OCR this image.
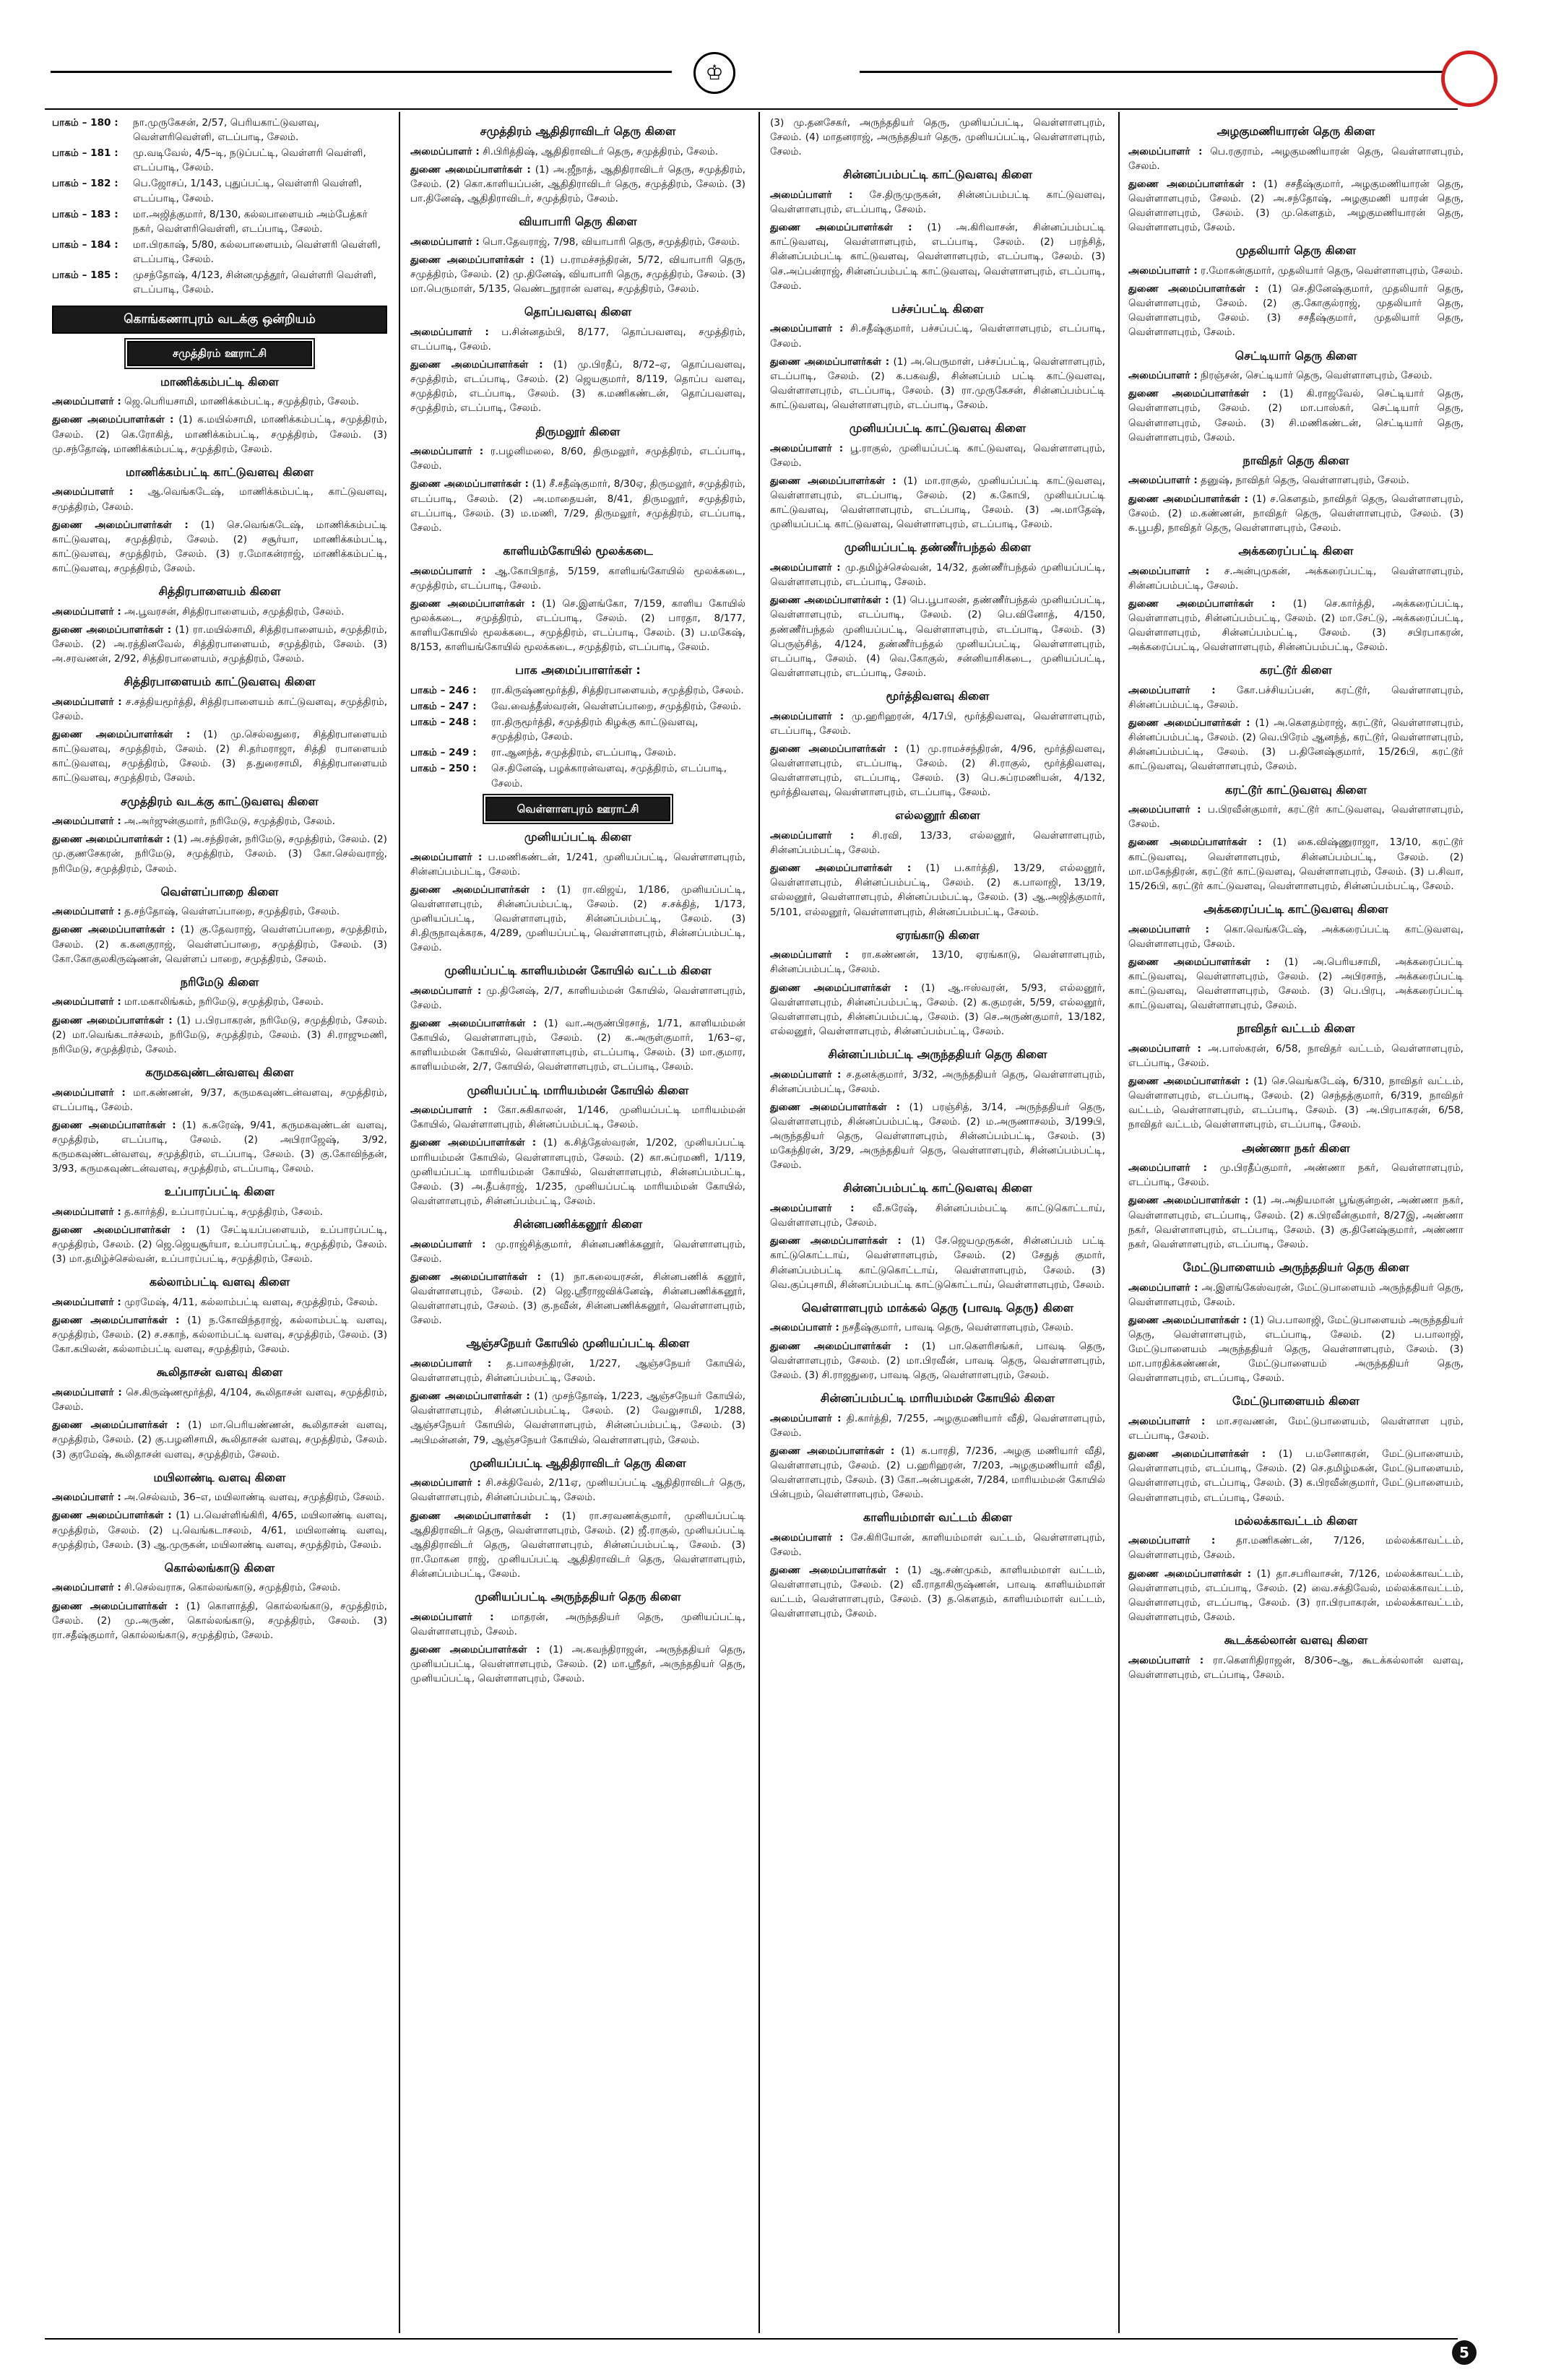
♔
பாகம் – 180 :	நா.முருகேசன், 2/57, பெரியகாட்டுவளவு, வெள்ளரிவெள்ளி, எடப்பாடி, சேலம்.
பாகம் – 181 :	மு.வடிவேல், 4/5–டி, நடுப்பட்டி, வெள்ளரி வெள்ளி, எடப்பாடி, சேலம்.
பாகம் – 182 :	பெ.ஜோசப், 1/143, புதுப்பட்டி, வெள்ளரி வெள்ளி, எடப்பாடி, சேலம்.
பாகம் – 183 :	மா.அஜித்குமார், 8/130, கல்லபாளையம் அம்பேத்கர் நகர், வெள்ளரிவெள்ளி, எடப்பாடி, சேலம்.
பாகம் – 184 :	மா.பிரகாஷ், 5/80, கல்லபாளையம், வெள்ளரி வெள்ளி, எடப்பாடி, சேலம்.
பாகம் – 185 :	முசந்தோஷ், 4/123, சின்னமுத்தூர், வெள்ளரி வெள்ளி, எடப்பாடி, சேலம்.
கொங்கணாபுரம் வடக்கு ஒன்றியம்
சமுத்திரம் ஊராட்சி
மாணிக்கம்பட்டி கிளை
அமைப்பாளர் : ஜெ.பெரியசாமி, மாணிக்கம்பட்டி, சமுத்திரம், சேலம்.
துணை அமைப்பாளர்கள் : (1) க.மயில்சாமி, மாணிக்கம்பட்டி, சமுத்திரம், சேலம். (2) கெ.ரோகித், மாணிக்கம்பட்டி, சமுத்திரம், சேலம். (3) மு.சந்தோஷ், மாணிக்கம்பட்டி, சமுத்திரம், சேலம்.
மாணிக்கம்பட்டி காட்டுவளவு கிளை
அமைப்பாளர் : ஆ.வெங்கடேஷ், மாணிக்கம்பட்டி, காட்டுவளவு, சமுத்திரம், சேலம்.
துணை அமைப்பாளர்கள் : (1) செ.வெங்கடேஷ், மாணிக்கம்பட்டி காட்டுவளவு, சமுத்திரம், சேலம். (2) சசூர்யா, மாணிக்கம்பட்டி, காட்டுவளவு, சமுத்திரம், சேலம். (3) ர.மோகன்ராஜ், மாணிக்கம்பட்டி, காட்டுவளவு, சமுத்திரம், சேலம்.
சித்திரபாளையம் கிளை
அமைப்பாளர் : அ.பூவரசன், சித்திரபாளையம், சமுத்திரம், சேலம்.
துணை அமைப்பாளர்கள் : (1) ரா.மயில்சாமி, சித்திரபாளையம், சமுத்திரம், சேலம். (2) அ.ரத்தினவேல், சித்திரபாளையம், சமுத்திரம், சேலம். (3) அ.சரவணன், 2/92, சித்திரபாளையம், சமுத்திரம், சேலம்.
சித்திரபாளையம் காட்டுவளவு கிளை
அமைப்பாளர் : ச.சத்தியமூர்த்தி, சித்திரபாளையம் காட்டுவளவு, சமுத்திரம், சேலம்.
துணை அமைப்பாளர்கள் : (1) மு.செல்லதுரை, சித்திரபாளையம் காட்டுவளவு, சமுத்திரம், சேலம். (2) சி.தர்மராஜா, சித்தி ரபாளையம் காட்டுவளவு, சமுத்திரம், சேலம். (3) த.துரைசாமி, சித்திரபாளையம் காட்டுவளவு, சமுத்திரம், சேலம்.
சமுத்திரம் வடக்கு காட்டுவளவு கிளை
அமைப்பாளர் : அ.அர்ஜுன்குமார், நரிமேடு, சமுத்திரம், சேலம்.
துணை அமைப்பாளர்கள் : (1) அ.சந்திரன், நரிமேடு, சமுத்திரம், சேலம். (2) மு.குணசேகரன், நரிமேடு, சமுத்திரம், சேலம். (3) கோ.செல்வராஜ், நரிமேடு, சமுத்திரம், சேலம்.
வெள்ளப்பாறை கிளை
அமைப்பாளர் : த.சந்தோஷ், வெள்ளப்பாறை, சமுத்திரம், சேலம்.
துணை அமைப்பாளர்கள் : (1) கு.தேவராஜ், வெள்ளப்பாறை, சமுத்திரம், சேலம். (2) க.கனகுராஜ், வெள்ளப்பாறை, சமுத்திரம், சேலம். (3) கோ.கோகுலகிருஷ்ணன், வெள்ளப் பாறை, சமுத்திரம், சேலம்.
நரிமேடு கிளை
அமைப்பாளர் : மா.மகாலிங்கம், நரிமேடு, சமுத்திரம், சேலம்.
துணை அமைப்பாளர்கள் : (1) ப.பிரபாகரன், நரிமேடு, சமுத்திரம், சேலம். (2) மா.வெங்கடாச்சலம், நரிமேடு, சமுத்திரம், சேலம். (3) சி.ராஜுமணி, நரிமேடு, சமுத்திரம், சேலம்.
கருமகவுண்டன்வளவு கிளை
அமைப்பாளர் : மா.கண்ணன், 9/37, கருமகவுண்டன்வளவு, சமுத்திரம், எடப்பாடி, சேலம்.
துணை அமைப்பாளர்கள் : (1) க.சுரேஷ், 9/41, கருமகவுண்டன் வளவு, சமுத்திரம், எடப்பாடி, சேலம். (2) அபிராஜேஷ், 3/92, கருமகவுண்டன்வளவு, சமுத்திரம், எடப்பாடி, சேலம். (3) கு.கோவிந்தன், 3/93, கருமகவுண்டன்வளவு, சமுத்திரம், எடப்பாடி, சேலம்.
உப்பாரப்பட்டி கிளை
அமைப்பாளர் : த.கார்த்தி, உப்பாரப்பட்டி, சமுத்திரம், சேலம்.
துணை அமைப்பாளர்கள் : (1) சேட்டியப்பளையம், உப்பாரப்பட்டி, சமுத்திரம், சேலம். (2) ஜெ.ஜெயசூர்யா, உப்பாரப்பட்டி, சமுத்திரம், சேலம். (3) மா.தமிழ்ச்செல்வன், உப்பாரப்பட்டி, சமுத்திரம், சேலம்.
கல்லாம்பட்டி வளவு கிளை
அமைப்பாளர் : முரமேஷ், 4/11, கல்லாம்பட்டி வளவு, சமுத்திரம், சேலம்.
துணை அமைப்பாளர்கள் : (1) ந.கோவிந்தராஜ், கல்லாம்பட்டி வளவு, சமுத்திரம், சேலம். (2) ச.சகாந், கல்லாம்பட்டி வளவு, சமுத்திரம், சேலம். (3) கோ.கபிலன், கல்லாம்பட்டி வளவு, சமுத்திரம், சேலம்.
கூலிதாசன் வளவு கிளை
அமைப்பாளர் : செ.கிருஷ்ணமூர்த்தி, 4/104, கூலிதாசன் வளவு, சமுத்திரம், சேலம்.
துணை அமைப்பாளர்கள் : (1) மா.பெரியண்ணன், கூலிதாசன் வளவு, சமுத்திரம், சேலம். (2) கு.பழனிசாமி, கூலிதாசன் வளவு, சமுத்திரம், சேலம். (3) குரமேஷ், கூலிதாசன் வளவு, சமுத்திரம், சேலம்.
மயிலாண்டி வளவு கிளை
அமைப்பாளர் : அ.செல்வம், 36–எ, மயிலாண்டி வளவு, சமுத்திரம், சேலம்.
துணை அமைப்பாளர்கள் : (1) ப.வெள்ளிங்கிரி, 4/65, மயிலாண்டி வளவு, சமுத்திரம், சேலம். (2) பு.வெங்கடாசலம், 4/61, மயிலாண்டி வளவு, சமுத்திரம், சேலம். (3) ஆ.முருகன், மயிலாண்டி வளவு, சமுத்திரம், சேலம்.
கொல்லங்காடு கிளை
அமைப்பாளர் : சி.செல்வராசு, கொல்லங்காடு, சமுத்திரம், சேலம்.
துணை அமைப்பாளர்கள் : (1) கொளாத்தி, கொல்லங்காடு, சமுத்திரம், சேலம். (2) மு.அருண், கொல்லங்காடு, சமுத்திரம், சேலம். (3) ரா.சதீஷ்குமார், கொல்லங்காடு, சமுத்திரம், சேலம்.
சமுத்திரம் ஆதிதிராவிடர் தெரு கிளை
அமைப்பாளர் : சி.பிரித்திஷ், ஆதிதிராவிடர் தெரு, சமுத்திரம், சேலம்.
துணை அமைப்பாளர்கள் : (1) அ.ஜீநாத், ஆதிதிராவிடர் தெரு, சமுத்திரம், சேலம். (2) கொ.காளியப்பன், ஆதிதிராவிடர் தெரு, சமுத்திரம், சேலம். (3) பா.தினேஷ், ஆதிதிராவிடர், சமுத்திரம், சேலம்.
வியாபாரி தெரு கிளை
அமைப்பாளர் : பொ.தேவராஜ், 7/98, வியாபாரி தெரு, சமுத்திரம், சேலம்.
துணை அமைப்பாளர்கள் : (1) ப.ராமச்சந்திரன், 5/72, வியாபாரி தெரு, சமுத்திரம், சேலம். (2) மு.தினேஷ், வியாபாரி தெரு, சமுத்திரம், சேலம். (3) மா.பெருமாள், 5/135, வெண்டநூரான் வளவு, சமுத்திரம், சேலம்.
தொப்பவளவு கிளை
அமைப்பாளர் : ப.சின்னதம்பி, 8/177, தொப்பவளவு, சமுத்திரம், எடப்பாடி, சேலம்.
துணை அமைப்பாளர்கள் : (1) மு.பிரதீப், 8/72–ஏ, தொப்பவளவு, சமுத்திரம், எடப்பாடி, சேலம். (2) ஜெயகுமார், 8/119, தொப்ப வளவு, சமுத்திரம், எடப்பாடி, சேலம். (3) க.மணிகண்டன், தொப்பவளவு, சமுத்திரம், எடப்பாடி, சேலம்.
திருமலூர் கிளை
அமைப்பாளர் : ர.பழனிமலை, 8/60, திருமலூர், சமுத்திரம், எடப்பாடி, சேலம்.
துணை அமைப்பாளர்கள் : (1) சீ.சதீஷ்குமார், 8/30ஏ, திருமலூர், சமுத்திரம், எடப்பாடி, சேலம். (2) அ.மாதையன், 8/41, திருமலூர், சமுத்திரம், எடப்பாடி, சேலம். (3) ம.மணி, 7/29, திருமலூர், சமுத்திரம், எடப்பாடி, சேலம்.
காளியம்கோயில் மூலக்கடை
அமைப்பாளர் : ஆ.கோபிநாத், 5/159, காளியங்கோயில் மூலக்கடை, சமுத்திரம், எடப்பாடி, சேலம்.
துணை அமைப்பாளர்கள் : (1) செ.இளங்கோ, 7/159, காளிய கோயில் மூலக்கடை, சமுத்திரம், எடப்பாடி, சேலம். (2) பாரதா, 8/177, காளியகோயில் மூலக்கடை, சமுத்திரம், எடப்பாடி, சேலம். (3) ப.மகேஷ், 8/153, காளியங்கோயில் மூலக்கடை, சமுத்திரம், எடப்பாடி, சேலம்.
பாக அமைப்பாளர்கள் :
பாகம் – 246 :	ரா.கிருஷ்ணமூர்த்தி, சித்திரபாளையம், சமுத்திரம், சேலம்.
பாகம் – 247 :	வே.வைத்தீஸ்வரன், வெள்ளப்பாறை, சமுத்திரம், சேலம்.
பாகம் – 248 :	ரா.திருமூர்த்தி, சமுத்திரம் கிழக்கு காட்டுவளவு, சமுத்திரம், சேலம்.
பாகம் – 249 :	ரா.ஆனந்த், சமுத்திரம், எடப்பாடி, சேலம்.
பாகம் – 250 :	செ.தினேஷ், பழக்காரன்வளவு, சமுத்திரம், எடப்பாடி, சேலம்.
வெள்ளாளபுரம் ஊராட்சி
முனியப்பட்டி கிளை
அமைப்பாளர் : ப.மணிகண்டன், 1/241, முனியப்பட்டி, வெள்ளாளபுரம், சின்னப்பம்பட்டி, சேலம்.
துணை அமைப்பாளர்கள் : (1) ரா.விஜய், 1/186, முனியப்பட்டி, வெள்ளாளபுரம், சின்னப்பம்பட்டி, சேலம். (2) ச.சக்தித், 1/173, முனியப்பட்டி, வெள்ளாளபுரம், சின்னப்பம்பட்டி, சேலம். (3) சி.திருநாவுக்கரசு, 4/289, முனியப்பட்டி, வெள்ளாளபுரம், சின்னப்பம்பட்டி, சேலம்.
முனியப்பட்டி காளியம்மன் கோயில் வட்டம் கிளை
அமைப்பாளர் : மு.தினேஷ், 2/7, காளியம்மன் கோயில், வெள்ளாளபுரம், சேலம்.
துணை அமைப்பாளர்கள் : (1) வா.அருண்பிரசாத், 1/71, காளியம்மன் கோயில், வெள்ளாளபுரம், சேலம். (2) க.அருள்குமார், 1/63–ஏ, காளியம்மன் கோயில், வெள்ளாளபுரம், எடப்பாடி, சேலம். (3) மா.குமார, காளியம்மன், 2/7, கோயில், வெள்ளாளபுரம், எடப்பாடி, சேலம்.
முனியப்பட்டி மாரியம்மன் கோயில் கிளை
அமைப்பாளர் : கோ.சுகிகாலன், 1/146, முனியப்பட்டி மாரியம்மன் கோயில், வெள்ளாளபுரம், சின்னப்பம்பட்டி, சேலம்.
துணை அமைப்பாளர்கள் : (1) க.சித்தேஸ்வரன், 1/202, முனியப்பட்டி மாரியம்மன் கோயில், வெள்ளாளபுரம், சேலம். (2) கா.சுப்ரமணி, 1/119, முனியப்பட்டி மாரியம்மன் கோயில், வெள்ளாளபுரம், சின்னப்பம்பட்டி, சேலம். (3) அ.தீபக்ராஜ், 1/235, முனியப்பட்டி மாரியம்மன் கோயில், வெள்ளாளபுரம், சின்னப்பம்பட்டி, சேலம்.
சின்னபணிக்கனூர் கிளை
அமைப்பாளர் : மு.ராஜ்சித்குமார், சின்னபணிக்கனூர், வெள்ளாளபுரம், சேலம்.
துணை அமைப்பாளர்கள் : (1) நா.கலையரசன், சின்னபணிக் கனூர், வெள்ளாளபுரம், சேலம். (2) ஜெ.ஸ்ரீராஜவிக்னேஷ், சின்னபணிக்கனூர், வெள்ளாளபுரம், சேலம். (3) கு.நவீன், சின்னபணிக்கனூர், வெள்ளாளபுரம், சேலம்.
ஆஞ்சநேயர் கோயில் முனியப்பட்டி கிளை
அமைப்பாளர் : த.பாலசந்திரன், 1/227, ஆஞ்சநேயர் கோயில், வெள்ளாளபுரம், சின்னப்பம்பட்டி, சேலம்.
துணை அமைப்பாளர்கள் : (1) முசந்தோஷ், 1/223, ஆஞ்சநேயர் கோயில், வெள்ளாளபுரம், சின்னப்பம்பட்டி, சேலம். (2) வேலுசாமி, 1/288, ஆஞ்சநேயர் கோயில், வெள்ளாளபுரம், சின்னப்பம்பட்டி, சேலம். (3) அபிமன்னன், 79, ஆஞ்சநேயர் கோயில், வெள்ளாளபுரம், சேலம்.
முனியப்பட்டி ஆதிதிராவிடர் தெரு கிளை
அமைப்பாளர் : சி.சக்திவேல், 2/11ஏ, முனியப்பட்டி ஆதிதிராவிடர் தெரு, வெள்ளாளபுரம், சின்னப்பம்பட்டி, சேலம்.
துணை அமைப்பாளர்கள் : (1) ரா.சரவணக்குமார், முனியப்பட்டி ஆதிதிராவிடர் தெரு, வெள்ளாளபுரம், சேலம். (2) ஜீ.ராகுல், முனியப்பட்டி ஆதிதிராவிடர் தெரு, வெள்ளாளபுரம், சின்னப்பம்பட்டி, சேலம். (3) ரா.மோகன ராஜ், முனியப்பட்டி ஆதிதிராவிடர் தெரு, வெள்ளாளபுரம், சின்னப்பம்பட்டி, சேலம்.
முனியப்பட்டி அருந்ததியர் தெரு கிளை
அமைப்பாளர் : மாதரன், அருந்ததியர் தெரு, முனியப்பட்டி, வெள்ளாளபுரம், சேலம்.
துணை அமைப்பாளர்கள் : (1) அ.கவந்திராஜன், அருந்ததியர் தெரு, முனியப்பட்டி, வெள்ளாளபுரம், சேலம். (2) மா.ஸ்ரீதர், அருந்ததியர் தெரு, முனியப்பட்டி, வெள்ளாளபுரம், சேலம்.
(3) மு.தனசேகர், அருந்ததியர் தெரு, முனியப்பட்டி, வெள்ளாளபுரம், சேலம். (4) மாதனராஜ், அருந்ததியர் தெரு, முனியப்பட்டி, வெள்ளாளபுரம், சேலம்.
சின்னப்பம்பட்டி காட்டுவளவு கிளை
அமைப்பாளர் : சே.திருமுருகன், சின்னப்பம்பட்டி காட்டுவளவு, வெள்ளாளபுரம், எடப்பாடி, சேலம்.
துணை அமைப்பாளர்கள் : (1) அ.கிரிவாசன், சின்னப்பம்பட்டி காட்டுவளவு, வெள்ளாளபுரம், எடப்பாடி, சேலம். (2) பரந்சித், சின்னப்பம்பட்டி காட்டுவளவு, வெள்ளாளபுரம், எடப்பாடி, சேலம். (3) செ.அப்பன்ராஜ், சின்னப்பம்பட்டி காட்டுவளவு, வெள்ளாளபுரம், எடப்பாடி, சேலம்.
பச்சப்பட்டி கிளை
அமைப்பாளர் : சி.சதீஷ்குமார், பச்சப்பட்டி, வெள்ளாளபுரம், எடப்பாடி, சேலம்.
துணை அமைப்பாளர்கள் : (1) அ.பெருமாள், பச்சப்பட்டி, வெள்ளாளபுரம், எடப்பாடி, சேலம். (2) க.பகவதி, சின்னப்பம் பட்டி காட்டுவளவு, வெள்ளாளபுரம், எடப்பாடி, சேலம். (3) ரா.முருகேசன், சின்னப்பம்பட்டி காட்டுவளவு, வெள்ளாளபுரம், எடப்பாடி, சேலம்.
முனியப்பட்டி காட்டுவளவு கிளை
அமைப்பாளர் : பூ.ராகுல், முனியப்பட்டி காட்டுவளவு, வெள்ளாளபுரம், சேலம்.
துணை அமைப்பாளர்கள் : (1) மா.ராகுல், முனியப்பட்டி காட்டுவளவு, வெள்ளாளபுரம், எடப்பாடி, சேலம். (2) க.கோபி, முனியப்பட்டி காட்டுவளவு, வெள்ளாளபுரம், எடப்பாடி, சேலம். (3) அ.மாதேஷ், முனியப்பட்டி காட்டுவளவு, வெள்ளாளபுரம், எடப்பாடி, சேலம்.
முனியப்பட்டி தண்ணீர்பந்தல் கிளை
அமைப்பாளர் : மு.தமிழ்ச்செல்வன், 14/32, தண்ணீர்பந்தல் முனியப்பட்டி, வெள்ளாளபுரம், எடப்பாடி, சேலம்.
துணை அமைப்பாளர்கள் : (1) பெ.பூபாலன், தண்ணீர்பந்தல் முனியப்பட்டி, வெள்ளாளபுரம், எடப்பாடி, சேலம். (2) பெ.வினோத், 4/150, தண்ணீர்பந்தல் முனியப்பட்டி, வெள்ளாளபுரம், எடப்பாடி, சேலம். (3) பெருஞ்சித், 4/124, தண்ணீர்பந்தல் முனியப்பட்டி, வெள்ளாளபுரம், எடப்பாடி, சேலம். (4) வெ.கோகுல், சன்னியாசிகடை, முனியப்பட்டி, வெள்ளாளபுரம், எடப்பாடி, சேலம்.
மூர்த்திவளவு கிளை
அமைப்பாளர் : மு.ஹரிஹரன், 4/17பி, மூர்த்திவளவு, வெள்ளாளபுரம், எடப்பாடி, சேலம்.
துணை அமைப்பாளர்கள் : (1) மு.ராமச்சந்திரன், 4/96, மூர்த்திவளவு, வெள்ளாளபுரம், எடப்பாடி, சேலம். (2) சி.ராகுல், மூர்த்திவளவு, வெள்ளாளபுரம், எடப்பாடி, சேலம். (3) பெ.சுப்ரமணியன், 4/132, மூர்த்திவளவு, வெள்ளாளபுரம், எடப்பாடி, சேலம்.
எல்லனூர் கிளை
அமைப்பாளர் : சி.ரவி, 13/33, எல்லனூர், வெள்ளாளபுரம், சின்னப்பம்பட்டி, சேலம்.
துணை அமைப்பாளர்கள் : (1) ப.கார்த்தி, 13/29, எல்லனூர், வெள்ளாளபுரம், சின்னப்பம்பட்டி, சேலம். (2) க.பாலாஜி, 13/19, எல்லனூர், வெள்ளாளபுரம், சின்னப்பம்பட்டி, சேலம். (3) ஆ.அஜித்குமார், 5/101, எல்லனூர், வெள்ளாளபுரம், சின்னப்பம்பட்டி, சேலம்.
ஏரங்காடு கிளை
அமைப்பாளர் : ரா.கண்ணன், 13/10, ஏரங்காடு, வெள்ளாளபுரம், சின்னப்பம்பட்டி, சேலம்.
துணை அமைப்பாளர்கள் : (1) ஆ.ஈஸ்வரன், 5/93, எல்லனூர், வெள்ளாளபுரம், சின்னப்பம்பட்டி, சேலம். (2) க.குமரன், 5/59, எல்லனூர், வெள்ளாளபுரம், சின்னப்பம்பட்டி, சேலம். (3) செ.அருண்குமார், 13/182, எல்லனூர், வெள்ளாளபுரம், சின்னப்பம்பட்டி, சேலம்.
சின்னப்பம்பட்டி அருந்ததியர் தெரு கிளை
அமைப்பாளர் : ச.தனக்குமார், 3/32, அருந்ததியர் தெரு, வெள்ளாளபுரம், சின்னப்பம்பட்டி, சேலம்.
துணை அமைப்பாளர்கள் : (1) பரஞ்சித், 3/14, அருந்ததியர் தெரு, வெள்ளாளபுரம், சின்னப்பம்பட்டி, சேலம். (2) ம.அருணாசலம், 3/199பி, அருந்ததியர் தெரு, வெள்ளாளபுரம், சின்னப்பம்பட்டி, சேலம். (3) மகேந்திரன், 3/29, அருந்ததியர் தெரு, வெள்ளாளபுரம், சின்னப்பம்பட்டி, சேலம்.
சின்னப்பம்பட்டி காட்டுவளவு கிளை
அமைப்பாளர் : வீ.சுரேஷ், சின்னப்பம்பட்டி காட்டுகொட்டாய், வெள்ளாளபுரம், சேலம்.
துணை அமைப்பாளர்கள் : (1) சே.ஜெயமுருகன், சின்னப்பம் பட்டி காட்டுகொட்டாய், வெள்ளாளபுரம், சேலம். (2) சேதுத் குமார், சின்னப்பம்பட்டி காட்டுகொட்டாய், வெள்ளாளபுரம், சேலம். (3) வெ.குப்புசாமி, சின்னப்பம்பட்டி காட்டுகொட்டாய், வெள்ளாளபுரம், சேலம்.
வெள்ளாளபுரம் மாக்கல் தெரு (பாவடி தெரு) கிளை
அமைப்பாளர் : நசதீஷ்குமார், பாவடி தெரு, வெள்ளாளபுரம், சேலம்.
துணை அமைப்பாளர்கள் : (1) பா.கௌரிசங்கர், பாவடி தெரு, வெள்ளாளபுரம், சேலம். (2) மா.பிரவீன், பாவடி தெரு, வெள்ளாளபுரம், சேலம். (3) சி.ராஜதுரை, பாவடி தெரு, வெள்ளாளபுரம், சேலம்.
சின்னப்பம்பட்டி மாரியம்மன் கோயில் கிளை
அமைப்பாளர் : தி.கார்த்தி, 7/255, அழகுமணியார் வீதி, வெள்ளாளபுரம், சேலம்.
துணை அமைப்பாளர்கள் : (1) க.பாரதி, 7/236, அழகு மணியார் வீதி, வெள்ளாளபுரம், சேலம். (2) ப.ஹரிஹரன், 7/203, அழகுமணியார் வீதி, வெள்ளாளபுரம், சேலம். (3) கோ.அன்பழகன், 7/284, மாரியம்மன் கோயில் பின்புறம், வெள்ளாளபுரம், சேலம்.
காளியம்மாள் வட்டம் கிளை
அமைப்பாளர் : சே.கிரியோன், காளியம்மாள் வட்டம், வெள்ளாளபுரம், சேலம்.
துணை அமைப்பாளர்கள் : (1) ஆ.சண்முகம், காளியம்மாள் வட்டம், வெள்ளாளபுரம், சேலம். (2) வீ.ராதாகிருஷ்ணன், பாவடி காளியம்மாள் வட்டம், வெள்ளாளபுரம், சேலம். (3) த.கௌதம், காளியம்மாள் வட்டம், வெள்ளாளபுரம், சேலம்.
அழகுமணியாரன் தெரு கிளை
அமைப்பாளர் : பெ.ரகுராம், அழகுமணியாரன் தெரு, வெள்ளாளபுரம், சேலம்.
துணை அமைப்பாளர்கள் : (1) சசதீஷ்குமார், அழகுமணியாரன் தெரு, வெள்ளாளபுரம், சேலம். (2) அ.சந்தோஷ், அழகுமணி யாரன் தெரு, வெள்ளாளபுரம், சேலம். (3) மு.கௌதம், அழகுமணியாரன் தெரு, வெள்ளாளபுரம், சேலம்.
முதலியார் தெரு கிளை
அமைப்பாளர் : ர.மோகன்குமார், முதலியார் தெரு, வெள்ளாளபுரம், சேலம்.
துணை அமைப்பாளர்கள் : (1) செ.தினேஷ்குமார், முதலியார் தெரு, வெள்ளாளபுரம், சேலம். (2) கு.கோகுல்ராஜ், முதலியார் தெரு, வெள்ளாளபுரம், சேலம். (3) சசதீஷ்குமார், முதலியார் தெரு, வெள்ளாளபுரம், சேலம்.
செட்டியார் தெரு கிளை
அமைப்பாளர் : நிரஞ்சன், செட்டியார் தெரு, வெள்ளாளபுரம், சேலம்.
துணை அமைப்பாளர்கள் : (1) கி.ராஜவேல், செட்டியார் தெரு, வெள்ளாளபுரம், சேலம். (2) மா.பாஸ்கர், செட்டியார் தெரு, வெள்ளாளபுரம், சேலம். (3) சி.மணிகண்டன், செட்டியார் தெரு, வெள்ளாளபுரம், சேலம்.
நாவிதர் தெரு கிளை
அமைப்பாளர் : தனுஷ், நாவிதர் தெரு, வெள்ளாளபுரம், சேலம்.
துணை அமைப்பாளர்கள் : (1) ச.கௌதம், நாவிதர் தெரு, வெள்ளாளபுரம், சேலம். (2) ம.கண்ணன், நாவிதர் தெரு, வெள்ளாளபுரம், சேலம். (3) சு.பூபதி, நாவிதர் தெரு, வெள்ளாளபுரம், சேலம்.
அக்கரைப்பட்டி கிளை
அமைப்பாளர் : ச.அன்புமுகன், அக்கரைப்பட்டி, வெள்ளாளபுரம், சின்னப்பம்பட்டி, சேலம்.
துணை அமைப்பாளர்கள் : (1) செ.கார்த்தி, அக்கரைப்பட்டி, வெள்ளாளபுரம், சின்னப்பம்பட்டி, சேலம். (2) மா.சேட்டு, அக்கரைப்பட்டி, வெள்ளாளபுரம், சின்னப்பம்பட்டி, சேலம். (3) சபிரபாகரன், அக்கரைப்பட்டி, வெள்ளாளபுரம், சின்னப்பம்பட்டி, சேலம்.
கரட்டூர் கிளை
அமைப்பாளர் : கோ.பச்சியப்பன், கரட்டூர், வெள்ளாளபுரம், சின்னப்பம்பட்டி, சேலம்.
துணை அமைப்பாளர்கள் : (1) அ.கௌதம்ராஜ், கரட்டூர், வெள்ளாளபுரம், சின்னப்பம்பட்டி, சேலம். (2) வெ.பிரேம் ஆனந்த், கரட்டூர், வெள்ளாளபுரம், சின்னப்பம்பட்டி, சேலம். (3) ப.தினேஷ்குமார், 15/26பி, கரட்டூர் காட்டுவளவு, வெள்ளாளபுரம், சேலம்.
கரட்டூர் காட்டுவளவு கிளை
அமைப்பாளர் : ப.பிரவீன்குமார், கரட்டூர் காட்டுவளவு, வெள்ளாளபுரம், சேலம்.
துணை அமைப்பாளர்கள் : (1) கை.விஷ்ணுராஜா, 13/10, கரட்டூர் காட்டுவளவு, வெள்ளாளபுரம், சின்னப்பம்பட்டி, சேலம். (2) மா.மகேந்திரன், கரட்டூர் காட்டுவளவு, வெள்ளாளபுரம், சேலம். (3) ப.சிவா, 15/26பி, கரட்டூர் காட்டுவளவு, வெள்ளாளபுரம், சின்னப்பம்பட்டி, சேலம்.
அக்கரைப்பட்டி காட்டுவளவு கிளை
அமைப்பாளர் : கொ.வெங்கடேஷ், அக்கரைப்பட்டி காட்டுவளவு, வெள்ளாளபுரம், சேலம்.
துணை அமைப்பாளர்கள் : (1) அ.பெரியசாமி, அக்கரைப்பட்டி காட்டுவளவு, வெள்ளாளபுரம், சேலம். (2) அபிரசாந், அக்கரைப்பட்டி காட்டுவளவு, வெள்ளாளபுரம், சேலம். (3) பெ.பிரபு, அக்கரைப்பட்டி காட்டுவளவு, வெள்ளாளபுரம், சேலம்.
நாவிதர் வட்டம் கிளை
அமைப்பாளர் : அ.பாஸ்கரன், 6/58, நாவிதர் வட்டம், வெள்ளாளபுரம், எடப்பாடி, சேலம்.
துணை அமைப்பாளர்கள் : (1) செ.வெங்கடேஷ், 6/310, நாவிதர் வட்டம், வெள்ளாளபுரம், எடப்பாடி, சேலம். (2) செந்தத்குமார், 6/319, நாவிதர் வட்டம், வெள்ளாளபுரம், எடப்பாடி, சேலம். (3) அ.பிரபாகரன், 6/58, நாவிதர் வட்டம், வெள்ளாளபுரம், எடப்பாடி, சேலம்.
அண்ணா நகர் கிளை
அமைப்பாளர் : மு.பிரதீப்குமார், அண்ணா நகர், வெள்ளாளபுரம், எடப்பாடி, சேலம்.
துணை அமைப்பாளர்கள் : (1) அ.அதியமான் பூங்குன்றன், அண்ணா நகர், வெள்ளாளபுரம், எடப்பாடி, சேலம். (2) க.பிரவீன்குமார், 8/27இ, அண்ணா நகர், வெள்ளாளபுரம், எடப்பாடி, சேலம். (3) கு.தினேஷ்குமார், அண்ணா நகர், வெள்ளாளபுரம், எடப்பாடி, சேலம்.
மேட்டுபாளையம் அருந்ததியர் தெரு கிளை
அமைப்பாளர் : அ.இளங்கேஸ்வரன், மேட்டுபாளையம் அருந்ததியர் தெரு, வெள்ளாளபுரம், சேலம்.
துணை அமைப்பாளர்கள் : (1) பெ.பாலாஜி, மேட்டுபாளையம் அருந்ததியர் தெரு, வெள்ளாளபுரம், எடப்பாடி, சேலம். (2) ப.பாலாஜி, மேட்டுபாளையம் அருந்ததியர் தெரு, வெள்ளாளபுரம், சேலம். (3) மா.பாரதிக்கண்ணன், மேட்டுபாளையம் அருந்ததியர் தெரு, வெள்ளாளபுரம், எடப்பாடி, சேலம்.
மேட்டுபாளையம் கிளை
அமைப்பாளர் : மா.சரவணன், மேட்டுபாளையம், வெள்ளாள புரம், எடப்பாடி, சேலம்.
துணை அமைப்பாளர்கள் : (1) ப.மனோகரன், மேட்டுபாளையம், வெள்ளாளபுரம், எடப்பாடி, சேலம். (2) செ.தமிழ்மகன், மேட்டுபாளையம், வெள்ளாளபுரம், எடப்பாடி, சேலம். (3) க.பிரவீன்குமார், மேட்டுபாளையம், வெள்ளாளபுரம், எடப்பாடி, சேலம்.
மல்லக்காவட்டம் கிளை
அமைப்பாளர் : தா.மணிகண்டன், 7/126, மல்லக்காவட்டம், வெள்ளாளபுரம், சேலம்.
துணை அமைப்பாளர்கள் : (1) தா.சபரிவாசன், 7/126, மல்லக்காவட்டம், வெள்ளாளபுரம், எடப்பாடி, சேலம். (2) வை.சக்திவேல், மல்லக்காவட்டம், வெள்ளாளபுரம், எடப்பாடி, சேலம். (3) ரா.பிரபாகரன், மல்லக்காவட்டம், வெள்ளாளபுரம், சேலம்.
கூடக்கல்லான் வளவு கிளை
அமைப்பாளர் : ரா.கௌரிதிராஜன், 8/306–ஆ, கூடக்கல்லான் வளவு, வெள்ளாளபுரம், எடப்பாடி, சேலம்.
5
